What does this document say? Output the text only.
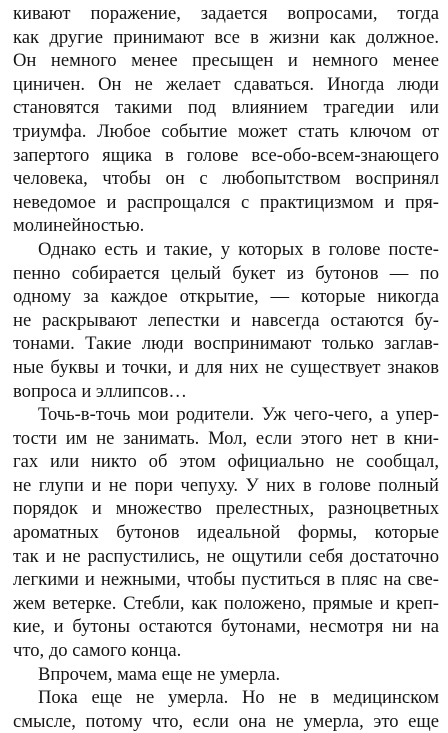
кивают поражение, задается вопросами, тогда
как другие принимают все в жизни как должное.
Он немного менее пресыщен и немного менее
циничен. Он не желает сдаваться. Иногда люди
становятся такими под влиянием трагедии или
триумфа. Любое событие может стать ключом от
запертого ящика в голове все-обо-всем-знающего
человека, чтобы он с любопытством воспринял
неведомое и распрощался с практицизмом и пря-
молинейностью.
Однако есть и такие, у которых в голове посте-
пенно собирается целый букет из бутонов — по
одному за каждое открытие, — которые никогда
не раскрывают лепестки и навсегда остаются бу-
тонами. Такие люди воспринимают только заглав-
ные буквы и точки, и для них не существует знаков
вопроса и эллипсов…
Точь-в-точь мои родители. Уж чего-чего, а упер-
тости им не занимать. Мол, если этого нет в кни-
гах или никто об этом официально не сообщал,
не глупи и не пори чепуху. У них в голове полный
порядок и множество прелестных, разноцветных
ароматных бутонов идеальной формы, которые
так и не распустились, не ощутили себя достаточно
легкими и нежными, чтобы пуститься в пляс на све-
жем ветерке. Стебли, как положено, прямые и креп-
кие, и бутоны остаются бутонами, несмотря ни на
что, до самого конца.
Впрочем, мама еще не умерла.
Пока еще не умерла. Но не в медицинском
смысле, потому что, если она не умерла, это еще
